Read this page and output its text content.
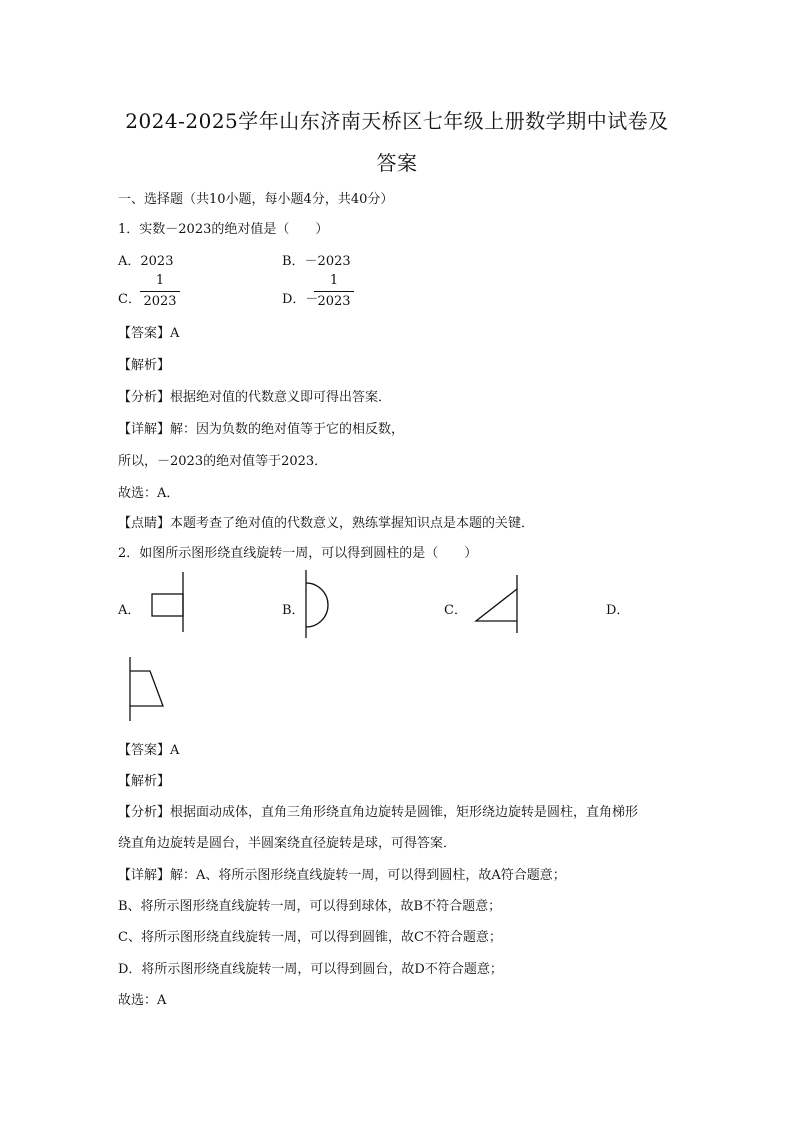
2024-2025学年山东济南天桥区七年级上册数学期中试卷及
答案
一、选择题（共10小题，每小题4分，共40分）
1．实数－2023的绝对值是（　　）
A．2023	B．－2023
C．
1
2023	D．－
1
2023
【答案】A
【解析】
【分析】根据绝对值的代数意义即可得出答案．
【详解】解：因为负数的绝对值等于它的相反数，
所以，－2023的绝对值等于2023．
故选：A．
【点睛】本题考查了绝对值的代数意义，熟练掌握知识点是本题的关键．
2．如图所示图形绕直线旋转一周，可以得到圆柱的是（　　）
A．	B．	C．	D．
【答案】A
【解析】
【分析】根据面动成体，直角三角形绕直角边旋转是圆锥，矩形绕边旋转是圆柱，直角梯形
绕直角边旋转是圆台，半圆案绕直径旋转是球，可得答案．
【详解】解：A、将所示图形绕直线旋转一周，可以得到圆柱，故A符合题意；
B、将所示图形绕直线旋转一周，可以得到球体，故B不符合题意；
C、将所示图形绕直线旋转一周，可以得到圆锥，故C不符合题意；
D．将所示图形绕直线旋转一周，可以得到圆台，故D不符合题意；
故选：A
